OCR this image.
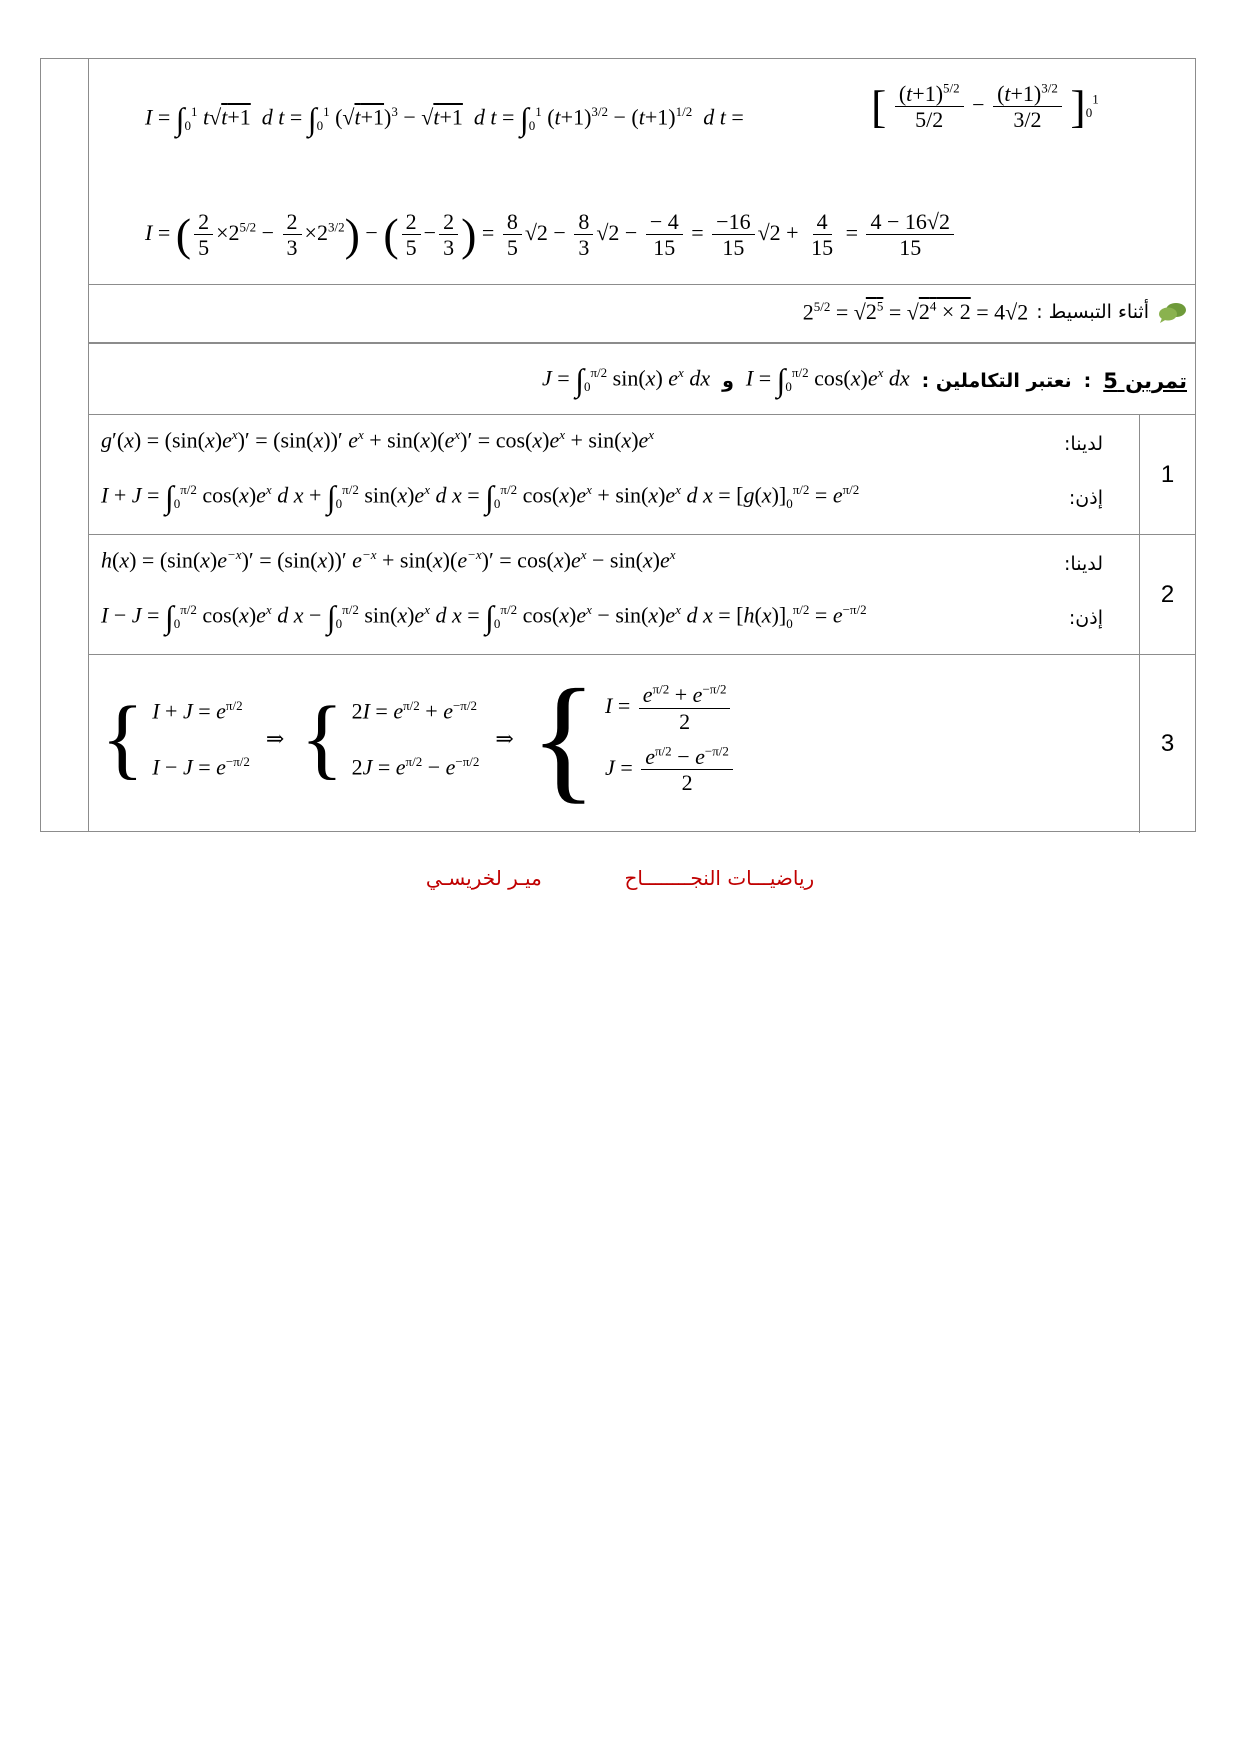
$I = \int_0^1$ t√t+1 d $t = \int_0^1$ $(√t+1)^3 - √t+1$ d $t = \int_0^1$ $(t+1)^{3/2} - (t+1)^{1/2}$ d t =	[ $\frac{(t+1)^{5/2}}{5/2} - \frac{(t+1)^{3/2}}{3/2} ]_0^1$
I = ( $\frac{2}{5} \times 2^{5/2} - \frac{2}{3} \times 2^{3/2}$) − ( $\frac{2}{5} - \frac{2}{3}$ ) = $\frac{8}{5} √2 - \frac{8}{3} √2 - \frac{- 4}{15} = \frac{-16}{15} √2 + \frac{4}{15} = \frac{4 - 16√2}{15}$
أثناء التبسيط :
$2^{5/2} = √2^5 = √2^4 \times 2 = 4√2$
تمرين 5
:
نعتبر التكاملين :
$I = \int_0^{\pi/2}$ $\cos(x)e^x$ dx
و
$J = \int_0^{\pi/2}$ sin(x) $e^x$ dx
$g'(x) = (\sin(x)e^x)' = (\sin(x))'$ $e^x + \sin(x)(e^x)' = \cos(x)e^x + \sin(x)e^x$
$I + J = \int_0^{\pi/2}$ $\cos(x)e^x$ d $x + \int_0^{\pi/2}$ $\sin(x)e^x$ d $x = \int_0^{\pi/2}$ $\cos(x)e^x + \sin(x)e^x$ d $x = [g(x)]_0^{\pi/2} = e^{\pi/2}$
لدينا:
إذن:
1
$h(x) = (\sin(x)e^{-x})' = (\sin(x))'$ $e^{-x} + \sin(x)(e^{-x})' = \cos(x)e^x - \sin(x)e^x$
$I - J = \int_0^{\pi/2}$ $\cos(x)e^x$ d $x - \int_0^{\pi/2}$ $\sin(x)e^x$ d $x = \int_0^{\pi/2}$ $\cos(x)e^x - \sin(x)e^x$ d $x = [h(x)]_0^{\pi/2} = e^{-\pi/2}$
لدينا:
إذن:
2
{ $I + J = e^{\pi/2}$
$I - J = e^{-\pi/2}$
⇒ { $2I = e^{\pi/2} + e^{-\pi/2}$
$2J = e^{\pi/2} - e^{-\pi/2}$
⇒ { $I = \frac{e^{\pi/2} + e^{-\pi/2}}{2}$
$J = \frac{e^{\pi/2} - e^{-\pi/2}}{2}$
3
رياضيـــات النجــــــــاح  ميـر لخريسـي
